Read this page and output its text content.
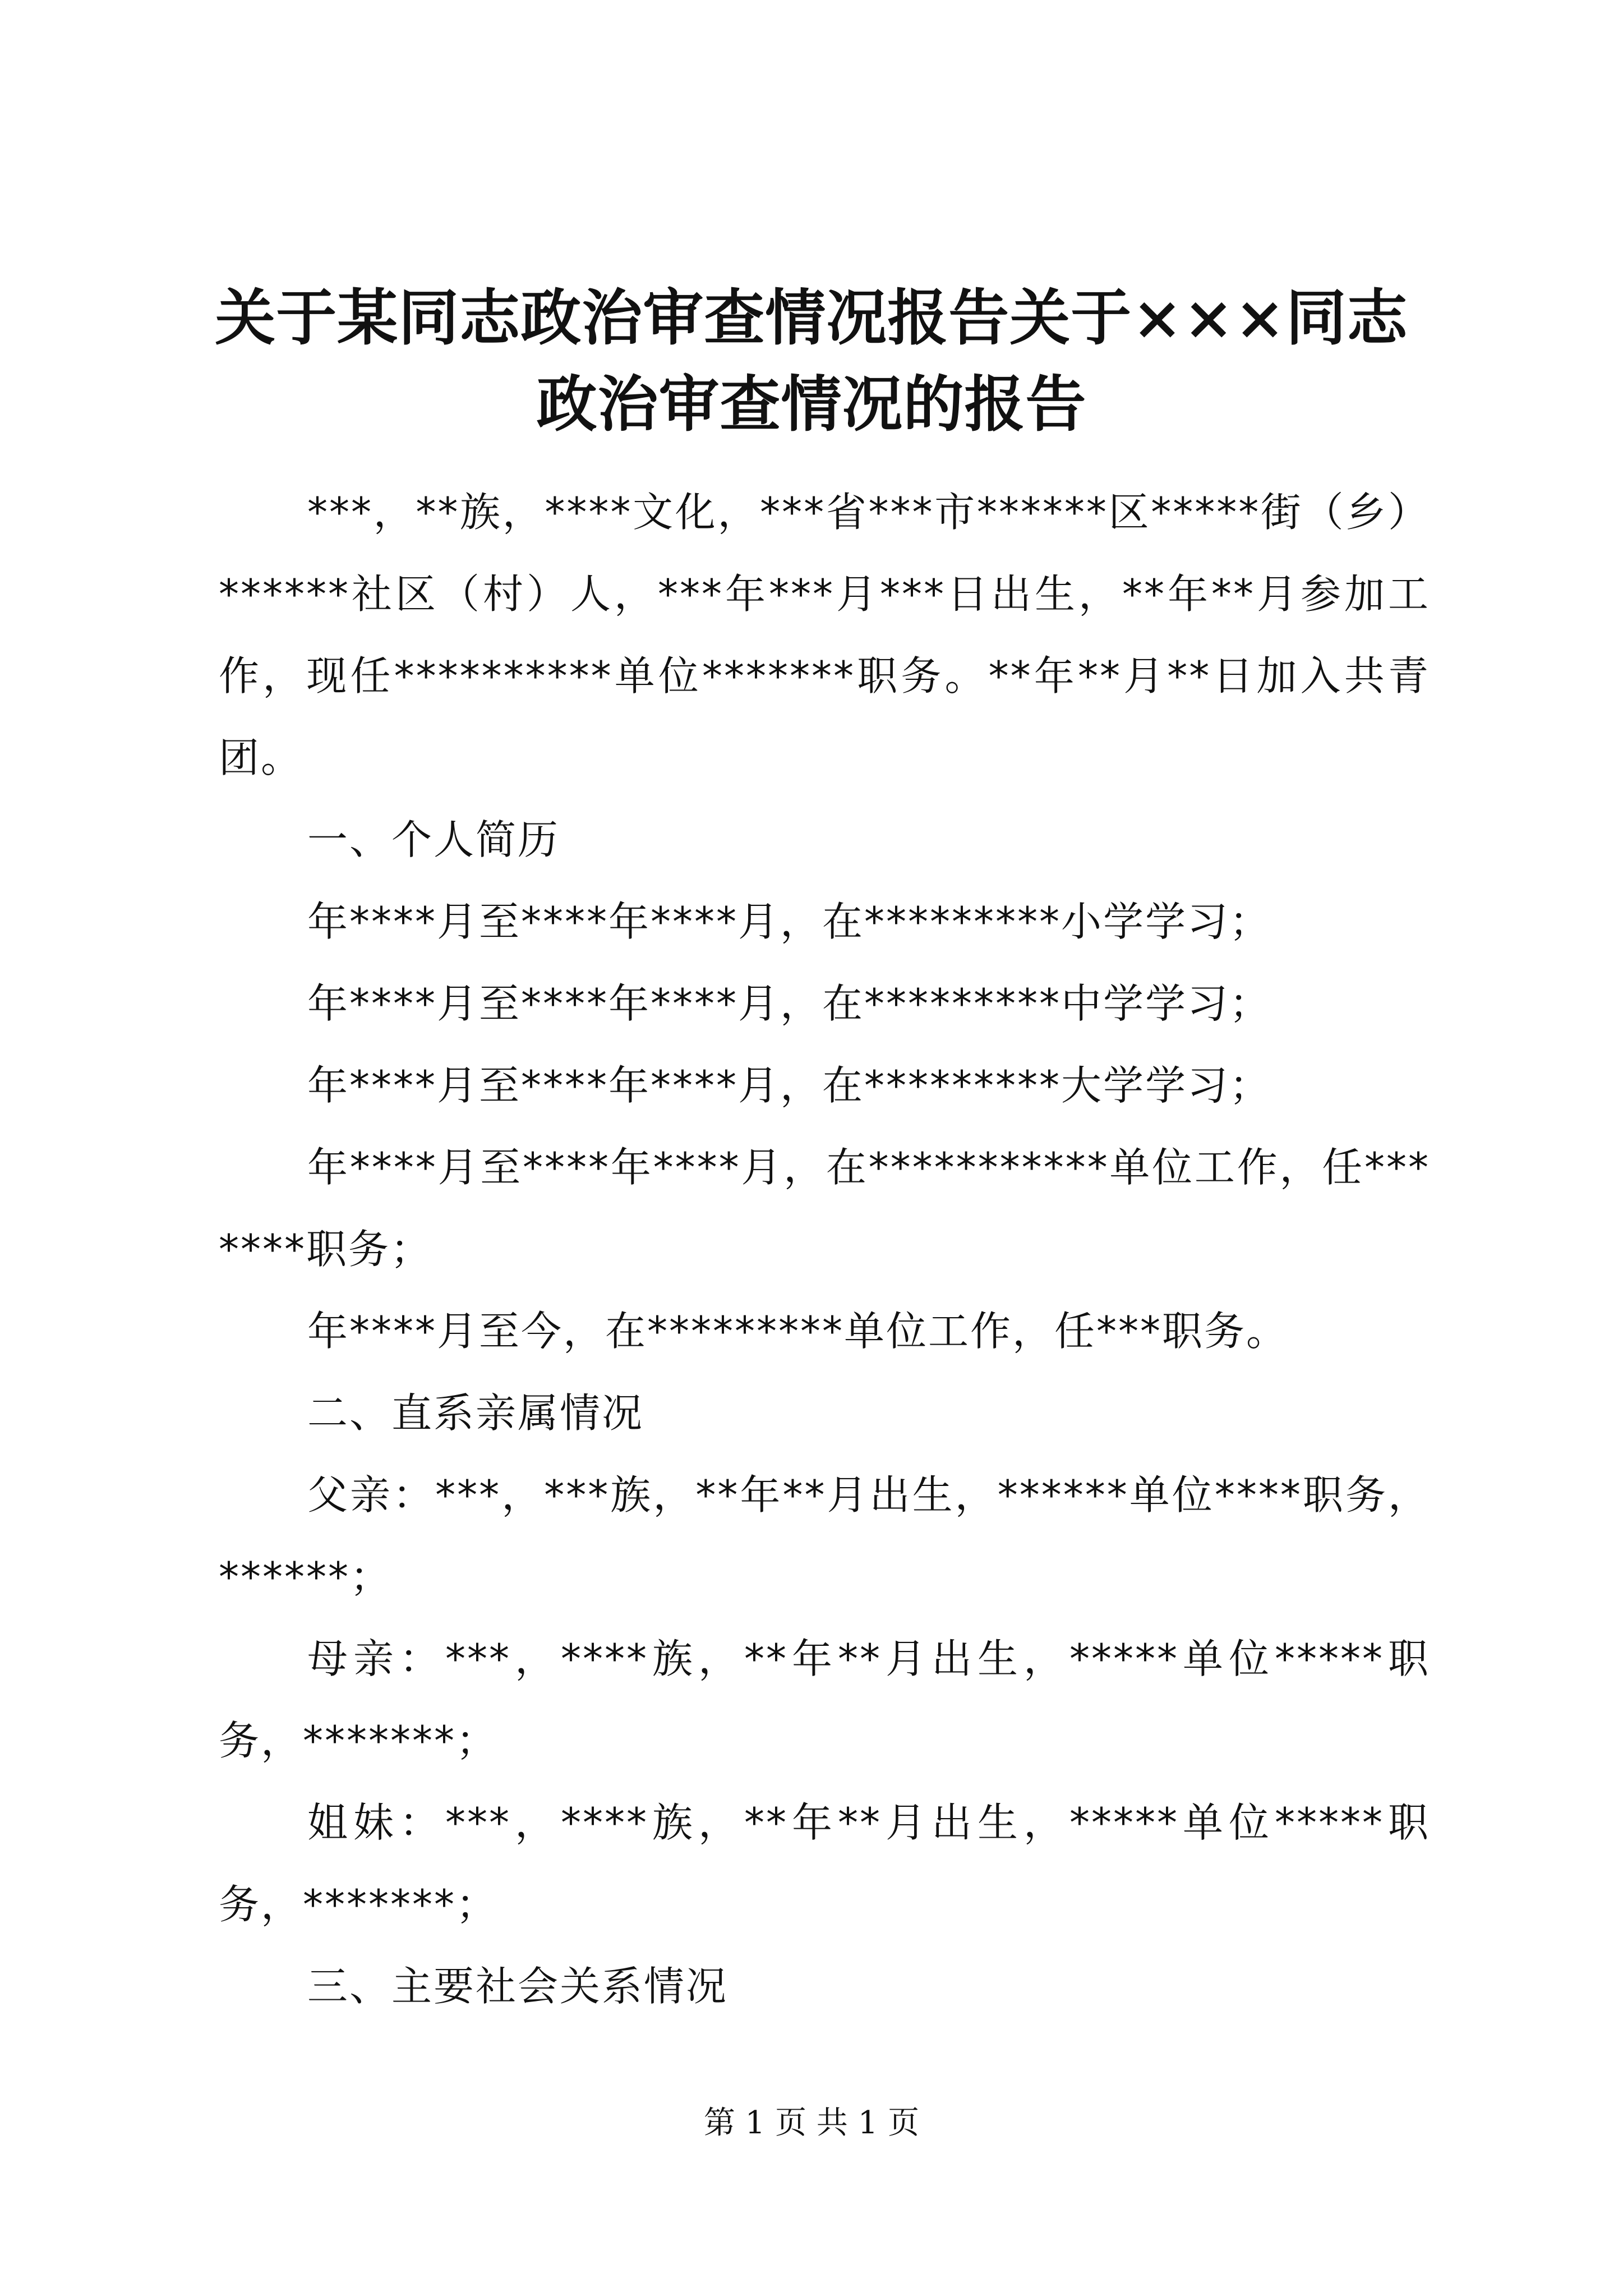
关于某同志政治审查情况报告关于×××同志政治审查情况的报告

***，**族，****文化，***省***市******区*****街（乡）******社区（村）人，***年***月***日出生，**年**月参加工作，现任**********单位*******职务。**年**月**日加入共青团。

一、个人简历

年****月至****年****月，在*********小学学习；

年****月至****年****月，在*********中学学习；

年****月至****年****月，在*********大学学习；

年****月至****年****月，在***********单位工作，任*******职务；

年****月至今，在*********单位工作，任***职务。

二、直系亲属情况

父亲：***，***族，**年**月出生，******单位****职务，******；

母亲：***，****族，**年**月出生，*****单位*****职务，*******；

姐妹：***，****族，**年**月出生，*****单位*****职务，*******；

三、主要社会关系情况

第 1 页 共 1 页
